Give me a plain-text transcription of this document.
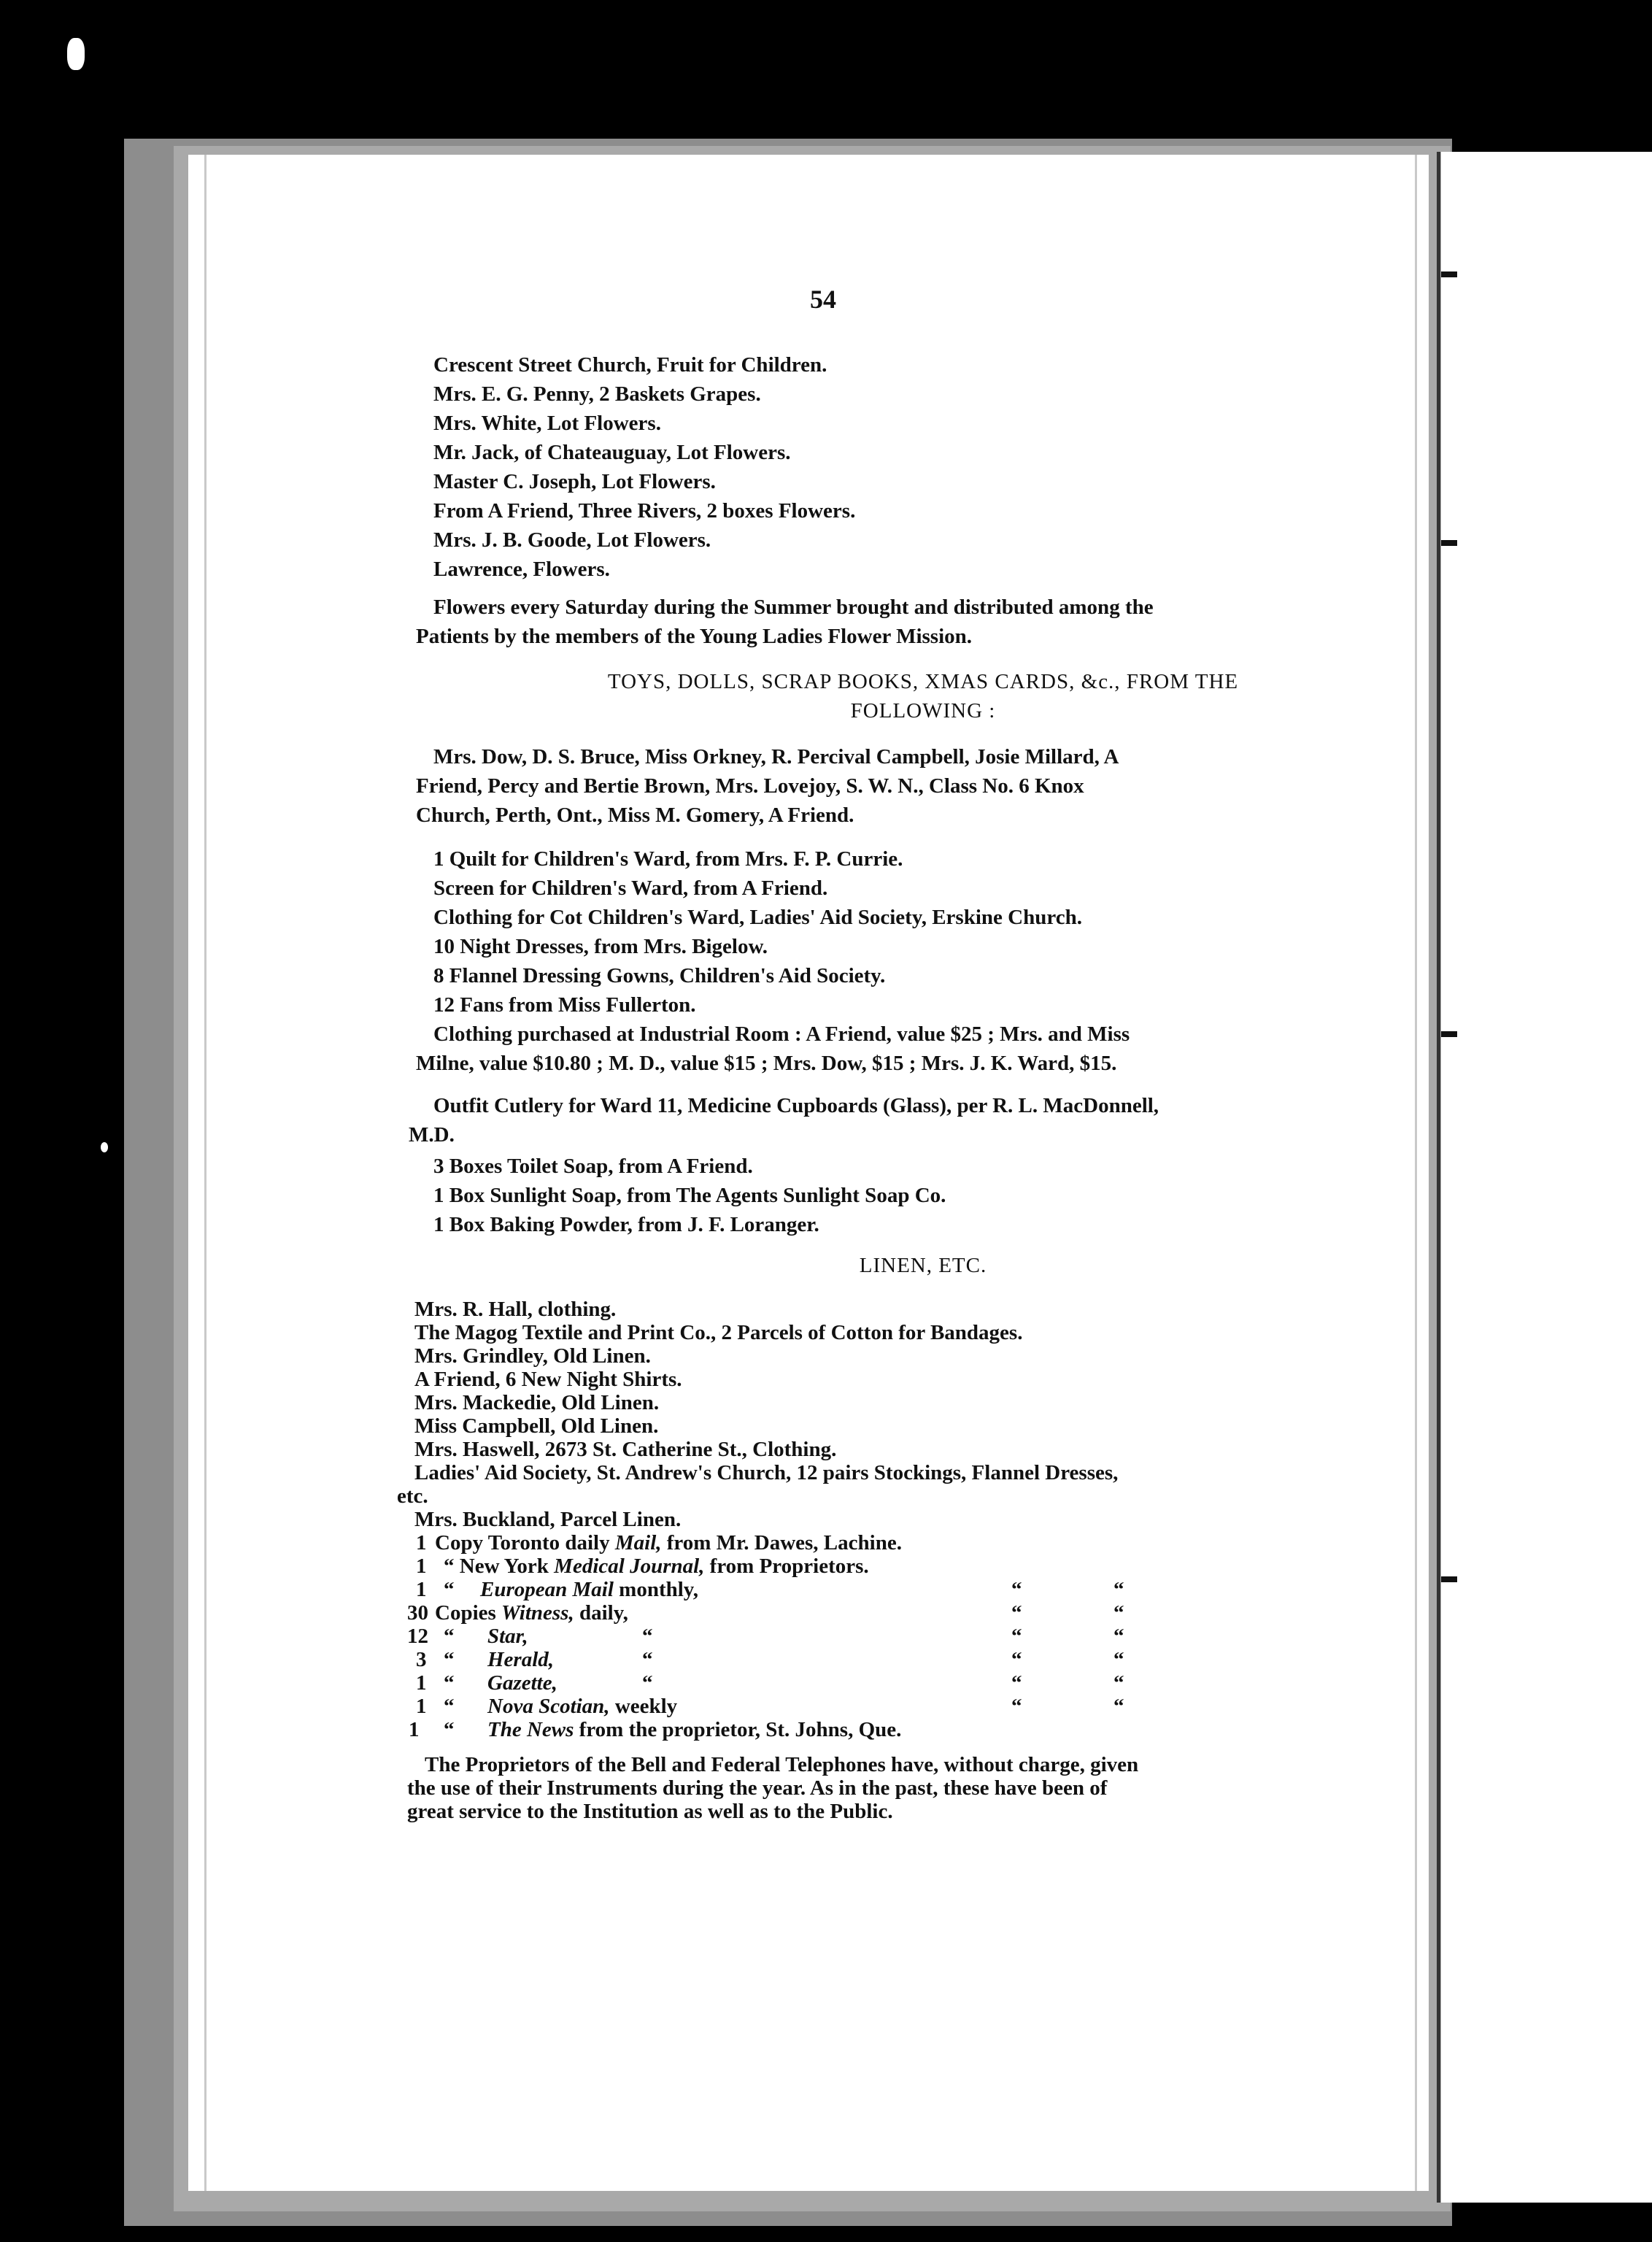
54
Crescent Street Church, Fruit for Children.
Mrs. E. G. Penny, 2 Baskets Grapes.
Mrs. White, Lot Flowers.
Mr. Jack, of Chateauguay, Lot Flowers.
Master C. Joseph, Lot Flowers.
From A Friend, Three Rivers, 2 boxes Flowers.
Mrs. J. B. Goode, Lot Flowers.
Lawrence, Flowers.
Flowers every Saturday during the Summer brought and distributed among the
Patients by the members of the Young Ladies Flower Mission.
TOYS, DOLLS, SCRAP BOOKS, XMAS CARDS, &c., FROM THE
FOLLOWING :
Mrs. Dow, D. S. Bruce, Miss Orkney, R. Percival Campbell, Josie Millard, A
Friend, Percy and Bertie Brown, Mrs. Lovejoy, S. W. N., Class No. 6 Knox
Church, Perth, Ont., Miss M. Gomery, A Friend.
1 Quilt for Children's Ward, from Mrs. F. P. Currie.
Screen for Children's Ward, from A Friend.
Clothing for Cot Children's Ward, Ladies' Aid Society, Erskine Church.
10 Night Dresses, from Mrs. Bigelow.
8 Flannel Dressing Gowns, Children's Aid Society.
12 Fans from Miss Fullerton.
Clothing purchased at Industrial Room : A Friend, value $25 ; Mrs. and Miss
Milne, value $10.80 ; M. D., value $15 ; Mrs. Dow, $15 ; Mrs. J. K. Ward, $15.
Outfit Cutlery for Ward 11, Medicine Cupboards (Glass), per R. L. MacDonnell,
M.D.
3 Boxes Toilet Soap, from A Friend.
1 Box Sunlight Soap, from The Agents Sunlight Soap Co.
1 Box Baking Powder, from J. F. Loranger.
LINEN, ETC.
Mrs. R. Hall, clothing.
The Magog Textile and Print Co., 2 Parcels of Cotton for Bandages.
Mrs. Grindley, Old Linen.
A Friend, 6 New Night Shirts.
Mrs. Mackedie, Old Linen.
Miss Campbell, Old Linen.
Mrs. Haswell, 2673 St. Catherine St., Clothing.
Ladies' Aid Society, St. Andrew's Church, 12 pairs Stockings, Flannel Dresses,
etc.
Mrs. Buckland, Parcel Linen.
1 Copy Toronto daily Mail, from Mr. Dawes, Lachine.
1 “ New York Medical Journal, from Proprietors.
1 “ European Mail monthly,	“	“
30 Copies Witness, daily,	“	“
12 “ Star,	“	“	“
3 “ Herald,	“	“	“
1 “ Gazette,	“	“	“
1 “ Nova Scotian, weekly	“	“
1 “ The News from the proprietor, St. Johns, Que.
The Proprietors of the Bell and Federal Telephones have, without charge, given
the use of their Instruments during the year. As in the past, these have been of
great service to the Institution as well as to the Public.
